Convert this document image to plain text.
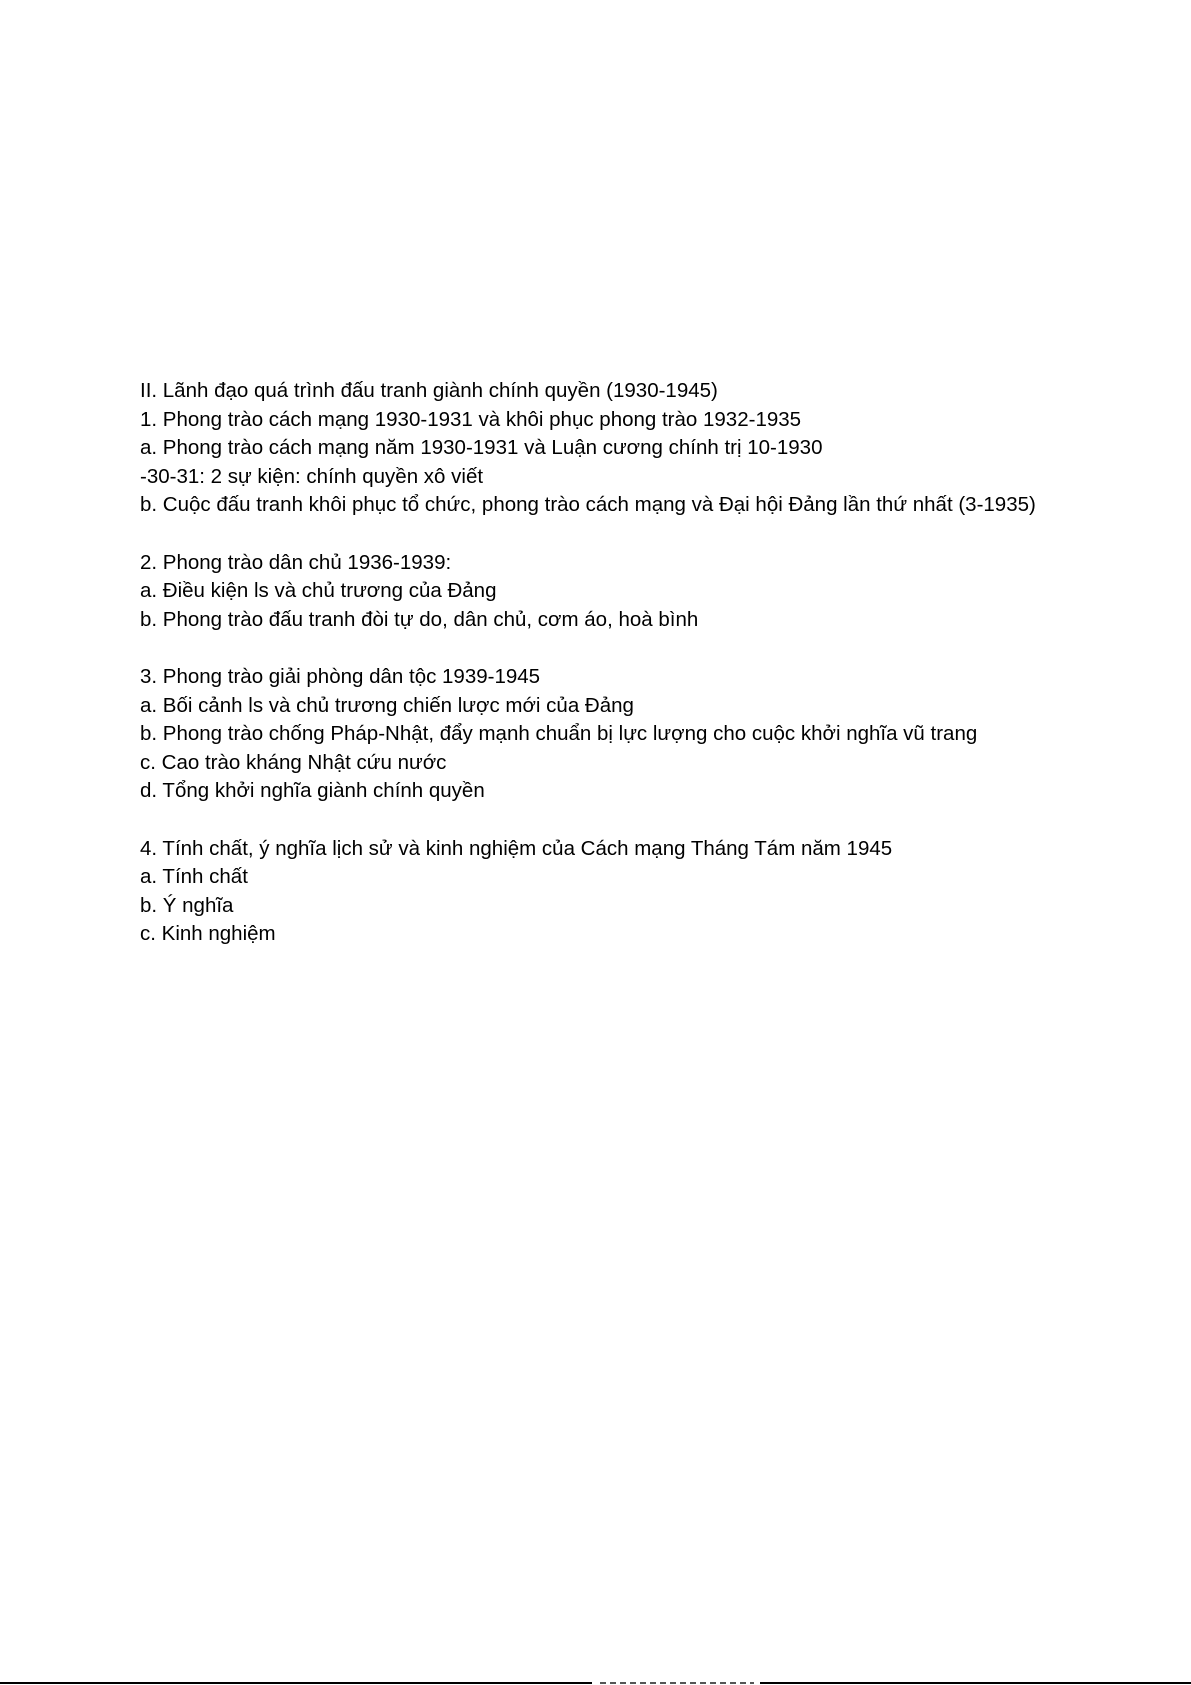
II. Lãnh đạo quá trình đấu tranh giành chính quyền (1930-1945)

1. Phong trào cách mạng 1930-1931 và khôi phục phong trào 1932-1935

a. Phong trào cách mạng năm 1930-1931 và Luận cương chính trị 10-1930

-30-31: 2 sự kiện: chính quyền xô viết

b. Cuộc đấu tranh khôi phục tổ chức, phong trào cách mạng và Đại hội Đảng lần thứ nhất (3-1935)

2. Phong trào dân chủ 1936-1939:

a. Điều kiện ls và chủ trương của Đảng

b. Phong trào đấu tranh đòi tự do, dân chủ, cơm áo, hoà bình

3. Phong trào giải phòng dân tộc 1939-1945

a. Bối cảnh ls và chủ trương chiến lược mới của Đảng

b. Phong trào chống Pháp-Nhật, đẩy mạnh chuẩn bị lực lượng cho cuộc khởi nghĩa vũ trang

c. Cao trào kháng Nhật cứu nước

d. Tổng khởi nghĩa giành chính quyền

4. Tính chất, ý nghĩa lịch sử và kinh nghiệm của Cách mạng Tháng Tám năm 1945

a. Tính chất

b. Ý nghĩa

c. Kinh nghiệm
